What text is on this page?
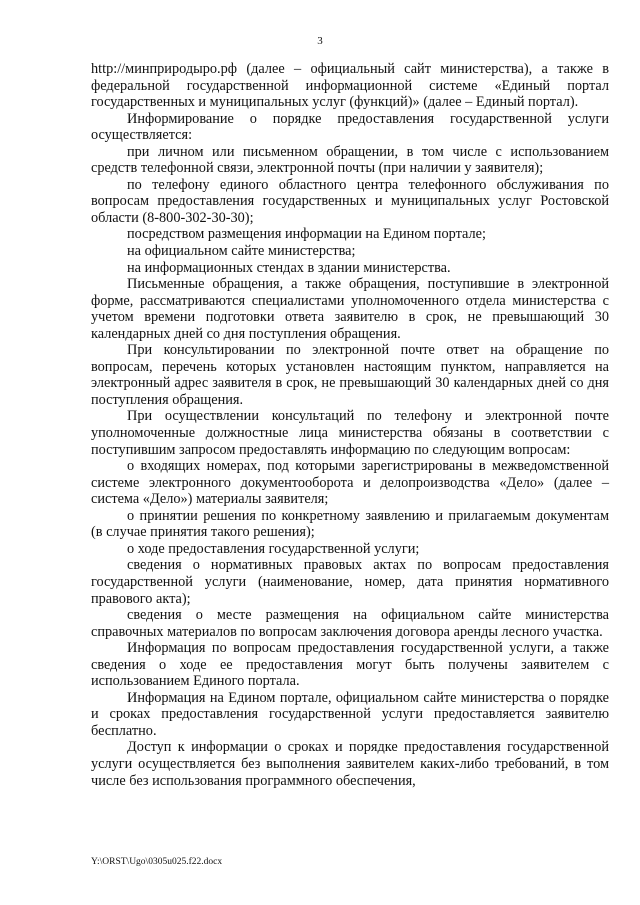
3

http://минприродыро.рф (далее – официальный сайт министерства), а также в федеральной государственной информационной системе «Единый портал государственных и муниципальных услуг (функций)» (далее – Единый портал).

Информирование о порядке предоставления государственной услуги осуществляется:

при личном или письменном обращении, в том числе с использованием средств телефонной связи, электронной почты (при наличии у заявителя);

по телефону единого областного центра телефонного обслуживания по вопросам предоставления государственных и муниципальных услуг Ростовской области (8-800-302-30-30);

посредством размещения информации на Едином портале;

на официальном сайте министерства;

на информационных стендах в здании министерства.

Письменные обращения, а также обращения, поступившие в электронной форме, рассматриваются специалистами уполномоченного отдела министерства с учетом времени подготовки ответа заявителю в срок, не превышающий 30 календарных дней со дня поступления обращения.

При консультировании по электронной почте ответ на обращение по вопросам, перечень которых установлен настоящим пунктом, направляется на электронный адрес заявителя в срок, не превышающий 30 календарных дней со дня поступления обращения.

При осуществлении консультаций по телефону и электронной почте уполномоченные должностные лица министерства обязаны в соответствии с поступившим запросом предоставлять информацию по следующим вопросам:

о входящих номерах, под которыми зарегистрированы в межведомственной системе электронного документооборота и делопроизводства «Дело» (далее – система «Дело») материалы заявителя;

о принятии решения по конкретному заявлению и прилагаемым документам (в случае принятия такого решения);

о ходе предоставления государственной услуги;

сведения о нормативных правовых актах по вопросам предоставления государственной услуги (наименование, номер, дата принятия нормативного правового акта);

сведения о месте размещения на официальном сайте министерства справочных материалов по вопросам заключения договора аренды лесного участка.

Информация по вопросам предоставления государственной услуги, а также сведения о ходе ее предоставления могут быть получены заявителем с использованием Единого портала.

Информация на Едином портале, официальном сайте министерства о порядке и сроках предоставления государственной услуги предоставляется заявителю бесплатно.

Доступ к информации о сроках и порядке предоставления государственной услуги осуществляется без выполнения заявителем каких-либо требований, в том числе без использования программного обеспечения,

Y:\ORST\Ugo\0305u025.f22.docx
